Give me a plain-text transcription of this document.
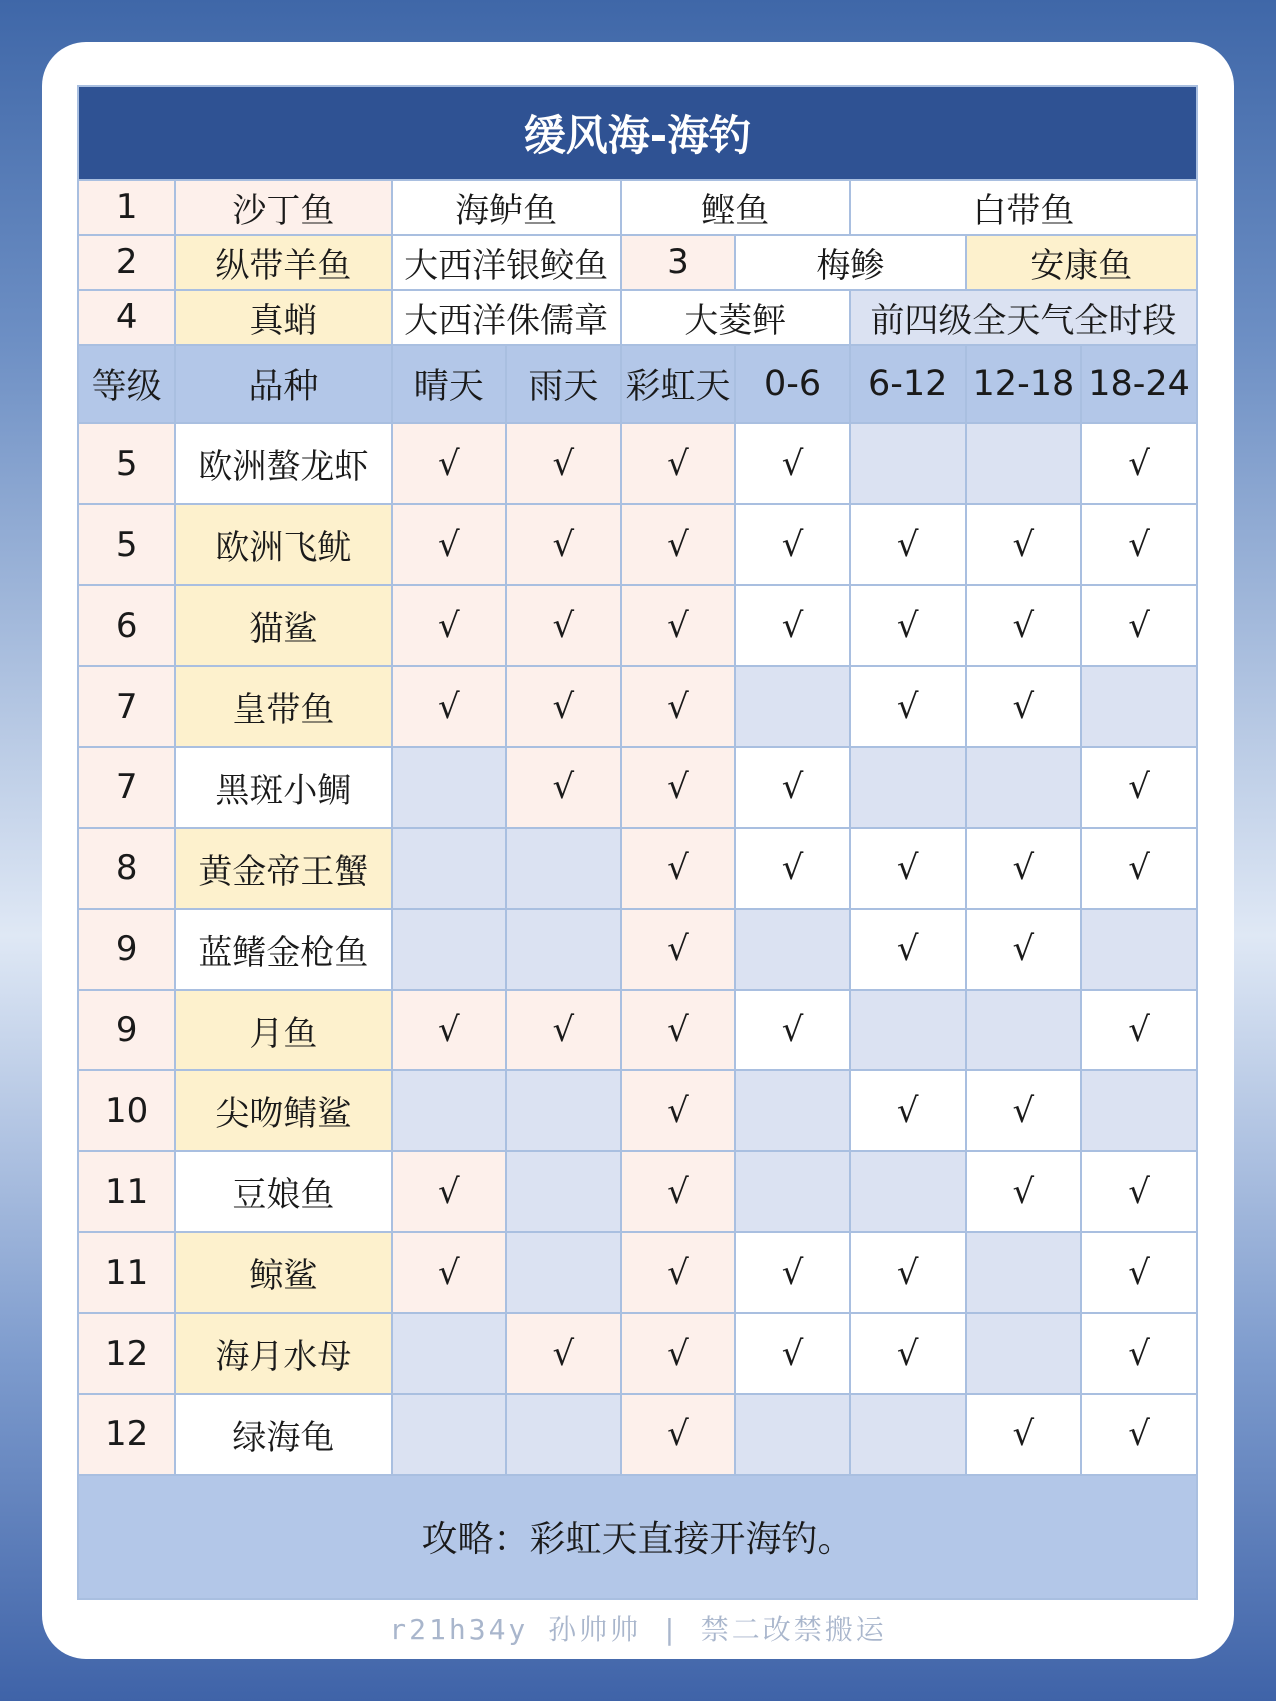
缓风海-海钓								
1	沙丁鱼	海鲈鱼		鲣鱼		白带鱼		
2	纵带羊鱼	大西洋银鲛鱼		3	梅鲹		安康鱼	
4	真蛸	大西洋侏儒章		大菱鲆		前四级全天气全时段		
等级	品种	晴天	雨天	彩虹天	0-6	6-12	12-18	18-24
5	欧洲螯龙虾	√	√	√	√			√
5	欧洲飞鱿	√	√	√	√	√	√	√
6	猫鲨	√	√	√	√	√	√	√
7	皇带鱼	√	√	√		√	√	
7	黑斑小鲷		√	√	√			√
8	黄金帝王蟹			√	√	√	√	√
9	蓝鳍金枪鱼			√		√	√	
9	月鱼	√	√	√	√			√
10	尖吻鲭鲨			√		√	√	
11	豆娘鱼	√		√			√	√
11	鲸鲨	√		√	√	√		√
12	海月水母		√	√	√	√		√
12	绿海龟			√			√	√
攻略：彩虹天直接开海钓。								
r21h34y 孙帅帅 | 禁二改禁搬运
